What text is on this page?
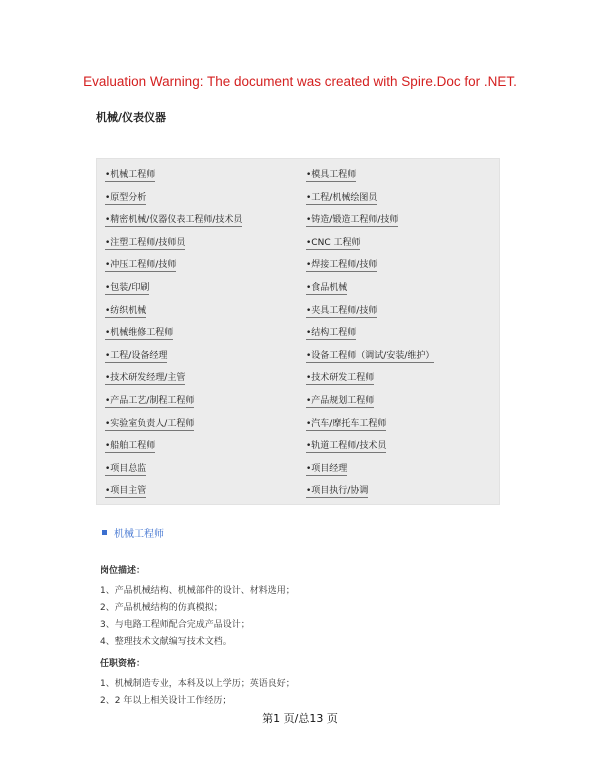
Evaluation Warning: The document was created with Spire.Doc for .NET.
机械/仪表仪器
•机械工程师
•原型分析
•精密机械/仪器仪表工程师/技术员
•注塑工程师/技师员
•冲压工程师/技师
•包装/印刷
•纺织机械
•机械维修工程师
•工程/设备经理
•技术研发经理/主管
•产品工艺/制程工程师
•实验室负责人/工程师
•船舶工程师
•项目总监
•项目主管
•模具工程师
•工程/机械绘图员
•铸造/锻造工程师/技师
•CNC 工程师
•焊接工程师/技师
•食品机械
•夹具工程师/技师
•结构工程师
•设备工程师（调试/安装/维护）
•技术研发工程师
•产品规划工程师
•汽车/摩托车工程师
•轨道工程师/技术员
•项目经理
•项目执行/协调
机械工程师
岗位描述：
1、产品机械结构、机械部件的设计、材料选用；
2、产品机械结构的仿真模拟；
3、与电路工程师配合完成产品设计；
4、整理技术文献编写技术文档。
任职资格：
1、机械制造专业，本科及以上学历；英语良好；
2、2 年以上相关设计工作经历；
第1 页/总13 页
